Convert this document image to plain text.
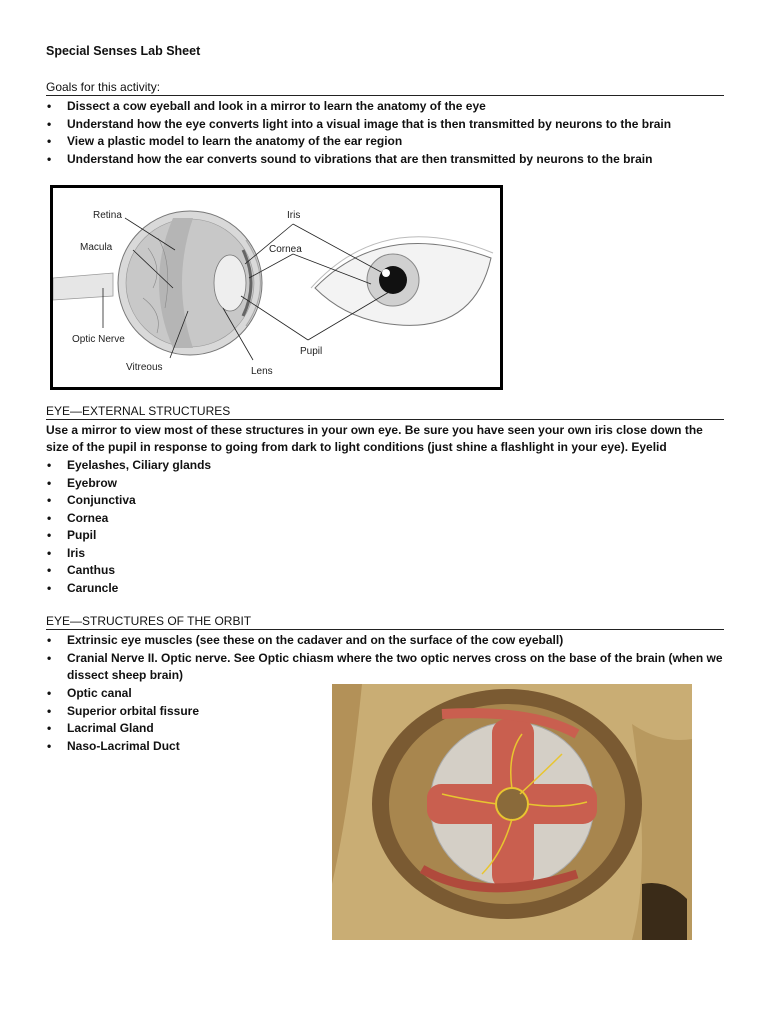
Special Senses Lab Sheet
Goals for this activity:
• Dissect a cow eyeball and look in a mirror to learn the anatomy of the eye
• Understand how the eye converts light into a visual image that is then transmitted by neurons to the brain
• View a plastic model to learn the anatomy of the ear region
• Understand how the ear converts sound to vibrations that are then transmitted by neurons to the brain
Retina
Macula
Optic Nerve
Vitreous	Lens
Iris
Cornea
Pupil
EYE—EXTERNAL STRUCTURES
Use a mirror to view most of these structures in your own eye. Be sure you have seen your own iris close down the size of the pupil in response to going from dark to light conditions (just shine a flashlight in your eye). Eyelid
• Eyelashes, Ciliary glands
• Eyebrow
• Conjunctiva
• Cornea
• Pupil
• Iris
• Canthus
• Caruncle
EYE—STRUCTURES OF THE ORBIT
• Extrinsic eye muscles (see these on the cadaver and on the surface of the cow eyeball)
• Cranial Nerve II. Optic nerve. See Optic chiasm where the two optic nerves cross on the base of the brain (when we dissect sheep brain)
• Optic canal
• Superior orbital fissure
• Lacrimal Gland
• Naso-Lacrimal Duct
